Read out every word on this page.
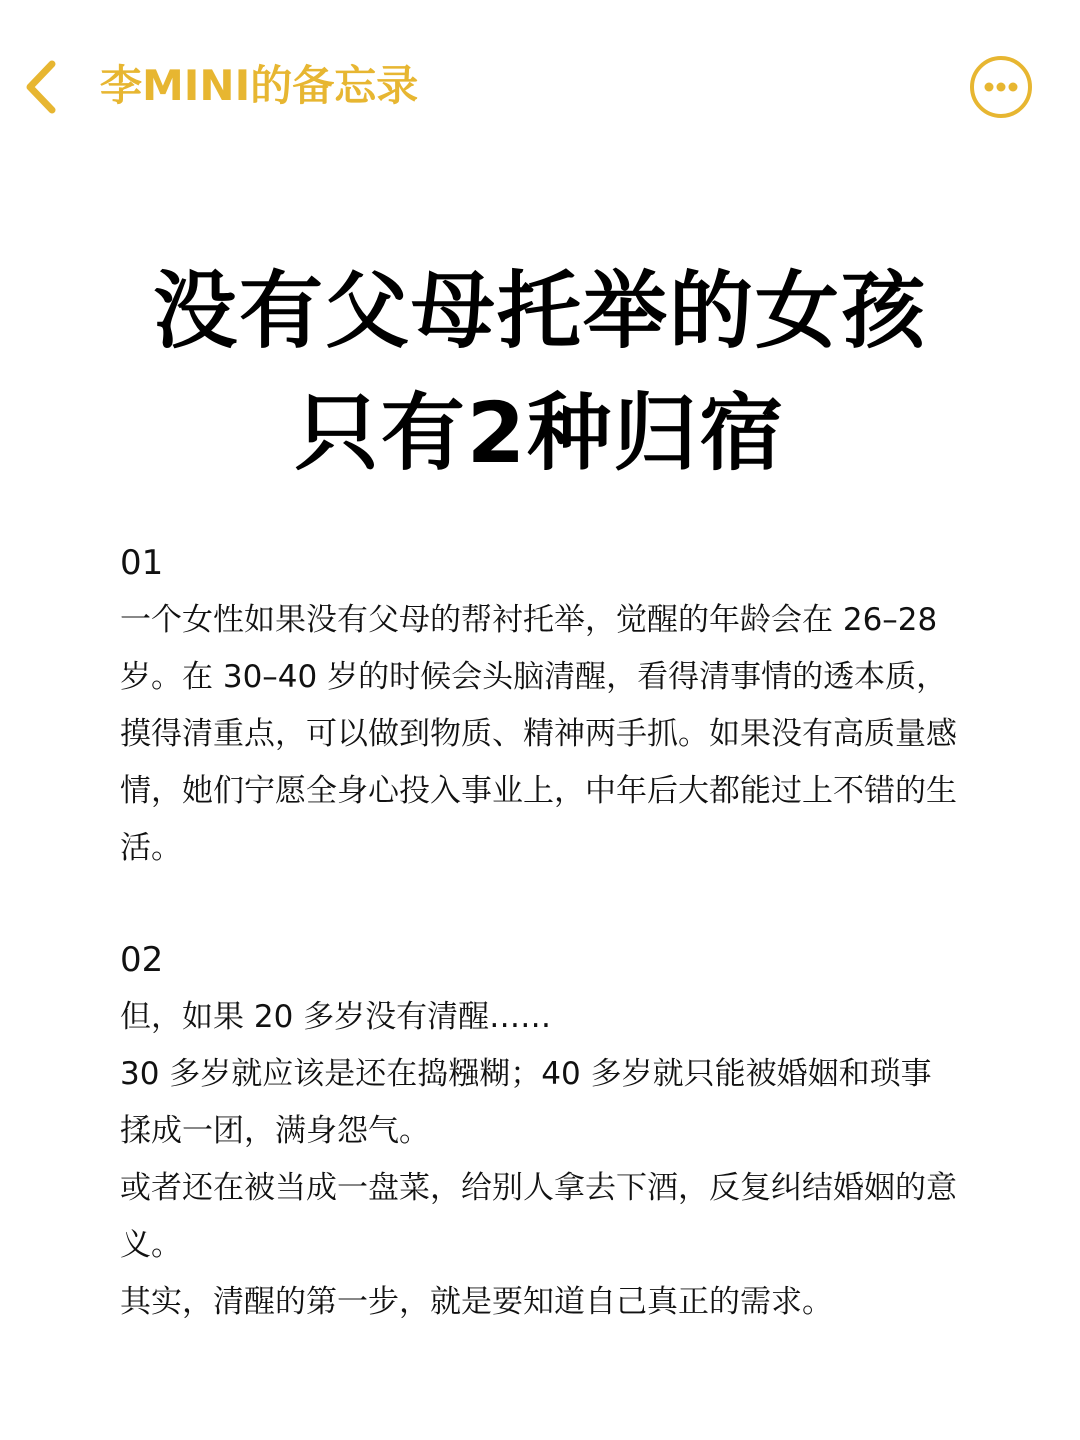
李MINI的备忘录
没有父母托举的女孩
只有2种归宿
01

一个女性如果没有父母的帮衬托举，觉醒的年龄会在 26–28 岁。在 30–40 岁的时候会头脑清醒，看得清事情的透本质，摸得清重点，可以做到物质、精神两手抓。如果没有高质量感情，她们宁愿全身心投入事业上，中年后大都能过上不错的生活。

02

但，如果 20 多岁没有清醒……

30 多岁就应该是还在捣糨糊；40 多岁就只能被婚姻和琐事揉成一团，满身怨气。

或者还在被当成一盘菜，给别人拿去下酒，反复纠结婚姻的意义。

其实，清醒的第一步，就是要知道自己真正的需求。
